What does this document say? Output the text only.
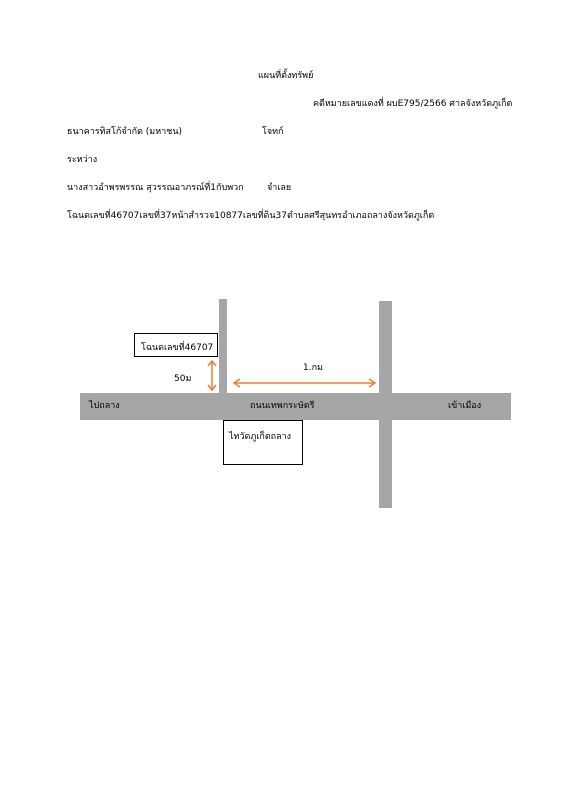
แผนที่ตั้งทรัพย์
คดีหมายเลขแดงที่ ผบE795/2566 ศาลจังหวัดภูเก็ต
ธนาคารทิสโก้จำกัด (มหาชน)	โจทก์
ระหว่าง
นางสาวอำพรพรรณ สุวรรณอาภรณ์ที่1กับพวก	จำเลย
โฉนดเลขที่46707เลขที่37หน้าสำรวจ10877เลขที่ดิน37ตำบลศรีสุนทรอำเภอถลางจังหวัดภูเก็ต
ไปถลาง	ถนนเทพกระษัตรี	เข้าเมือง
โฉนดเลขที่46707
ไทวัดภูเก็ตถลาง
50ม
1.กม
